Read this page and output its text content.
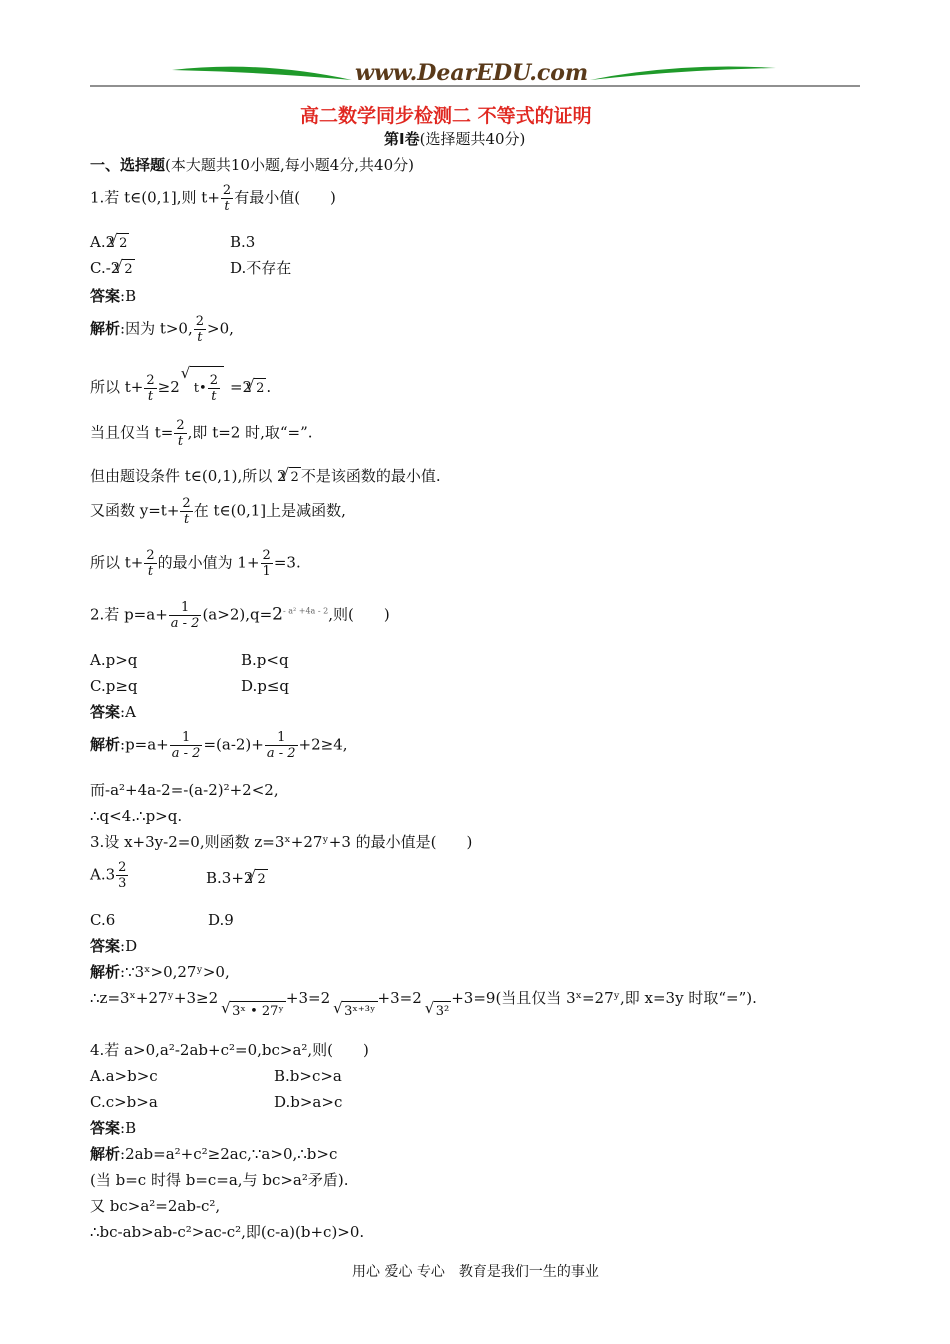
www.DearEDU.com
高二数学同步检测二 不等式的证明
第Ⅰ卷(选择题共40分)
一、选择题(本大题共10小题,每小题4分,共40分)
1.若 t∈(0,1],则 $t+ \frac{2}{t}$ 有最小值(　　)
A.2√ 2	B.3
C.-2√ 2	D.不存在
答案:B
解析:因为 t>0, $\frac{2}{t} >0$,
所以 $t+ \frac{2}{t} \ge 2√$ t• $\frac{2}{t} =2√$ 2 .
当且仅当 $t= \frac{2}{t}$ ,即 t=2 时,取“=”.
但由题设条件 t∈(0,1),所以 2√ 2 不是该函数的最小值.
又函数 $y=t+ \frac{2}{t}$ 在 t∈(0,1]上是减函数,
所以 $t+ \frac{2}{t}$ 的最小值为 $1+ \frac{2}{1} =3$.
2.若 $p=a+ \frac{1}{a - 2} (a>2),q=2^{- a^2 +4a - 2}$,则(　　)
A.p>q	B.p<q
C.p≥q	D.p≤q
答案:A
解析:p=a+ $\frac{1}{a - 2} =(a-2)+ \frac{1}{a - 2} +2\ge 4$,
而-a²+4a-2=-(a-2)²+2<2,
∴q<4.∴p>q.
3.设 x+3y-2=0,则函数 z=3ˣ+27ʸ+3 的最小值是(　　)
$A.3 \frac{2}{3}$	B.3+2√ 2
C.6	D.9
答案:D
解析:∵3ˣ>0,27ʸ>0,
∴z=3ˣ+27ʸ+3≥2√ 3ˣ • 27ʸ+3=2√ 3ˣ⁺³ʸ+3=2√ 3²+3=9(当且仅当 3ˣ=27ʸ,即 x=3y 时取“=”).
4.若 a>0,a²-2ab+c²=0,bc>a²,则(　　)
A.a>b>c	B.b>c>a
C.c>b>a	D.b>a>c
答案:B
解析:2ab=a²+c²≥2ac,∵a>0,∴b>c
(当 b=c 时得 b=c=a,与 bc>a²矛盾).
又 bc>a²=2ab-c²,
∴bc-ab>ab-c²>ac-c²,即(c-a)(b+c)>0.
用心 爱心 专心　教育是我们一生的事业
